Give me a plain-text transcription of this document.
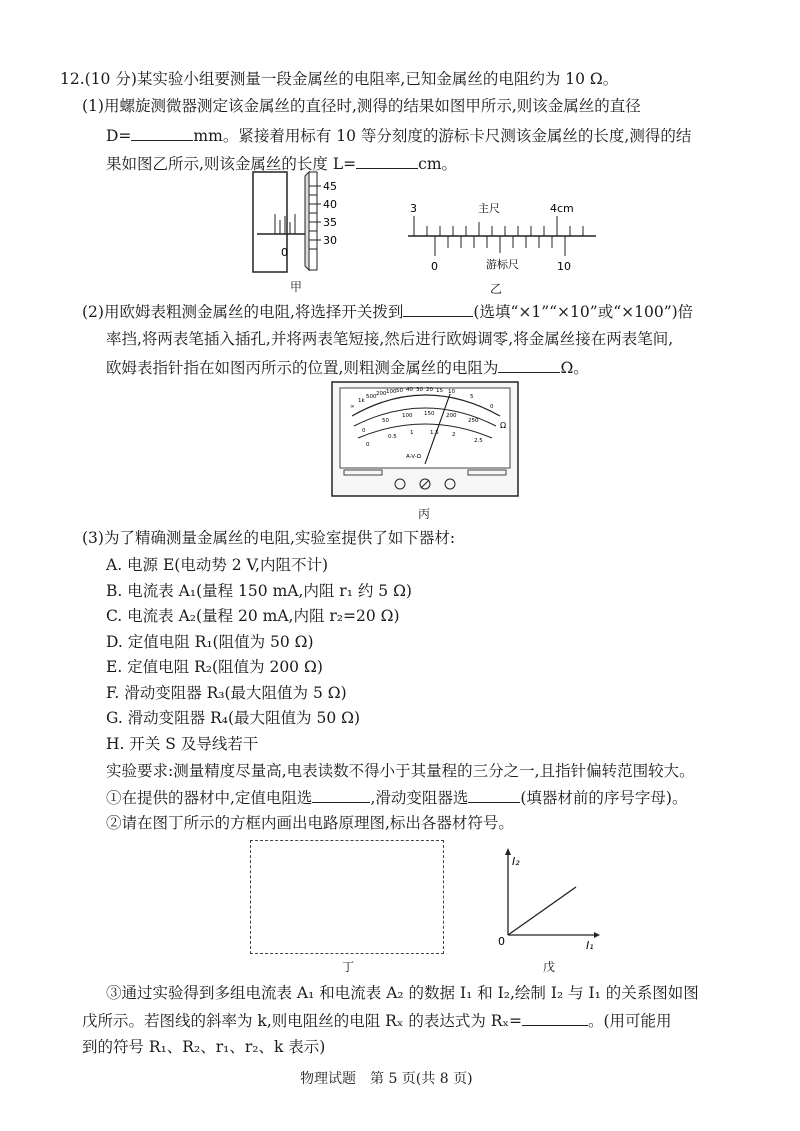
12.(10 分)某实验小组要测量一段金属丝的电阻率,已知金属丝的电阻约为 10 Ω。
(1)用螺旋测微器测定该金属丝的直径时,测得的结果如图甲所示,则该金属丝的直径
D=	mm。紧接着用标有 10 等分刻度的游标卡尺测该金属丝的长度,测得的结
果如图乙所示,则该金属丝的长度 L=	cm。
45
40
35
30
0
甲
3	主尺	4cm
0	游标尺	10
乙
(2)用欧姆表粗测金属丝的电阻,将选择开关拨到	(选填“×1”“×10”或“×100”)倍
率挡,将两表笔插入插孔,并将两表笔短接,然后进行欧姆调零,将金属丝接在两表笔间,
欧姆表指针指在如图丙所示的位置,则粗测金属丝的电阻为	Ω。
∞
1k
500 200 100 50 40 30 20 15 10
5
0
0
50
100 150 200
250
0
0.5
1	1.5 2
2.5
A-V-Ω
Ω
丙
(3)为了精确测量金属丝的电阻,实验室提供了如下器材:
A. 电源 E(电动势 2 V,内阻不计)
B. 电流表 A₁(量程 150 mA,内阻 r₁ 约 5 Ω)
C. 电流表 A₂(量程 20 mA,内阻 r₂=20 Ω)
D. 定值电阻 R₁(阻值为 50 Ω)
E. 定值电阻 R₂(阻值为 200 Ω)
F. 滑动变阻器 R₃(最大阻值为 5 Ω)
G. 滑动变阻器 R₄(最大阻值为 50 Ω)
H. 开关 S 及导线若干
实验要求:测量精度尽量高,电表读数不得小于其量程的三分之一,且指针偏转范围较大。
①在提供的器材中,定值电阻选	,滑动变阻器选	(填器材前的序号字母)。
②请在图丁所示的方框内画出电路原理图,标出各器材符号。
丁
I₂
I₁
0
戊
③通过实验得到多组电流表 A₁ 和电流表 A₂ 的数据 I₁ 和 I₂,绘制 I₂ 与 I₁ 的关系图如图
戊所示。若图线的斜率为 k,则电阻丝的电阻 Rₓ 的表达式为 Rₓ=	。(用可能用
到的符号 R₁、R₂、r₁、r₂、k 表示)
物理试题　第 5 页(共 8 页)
